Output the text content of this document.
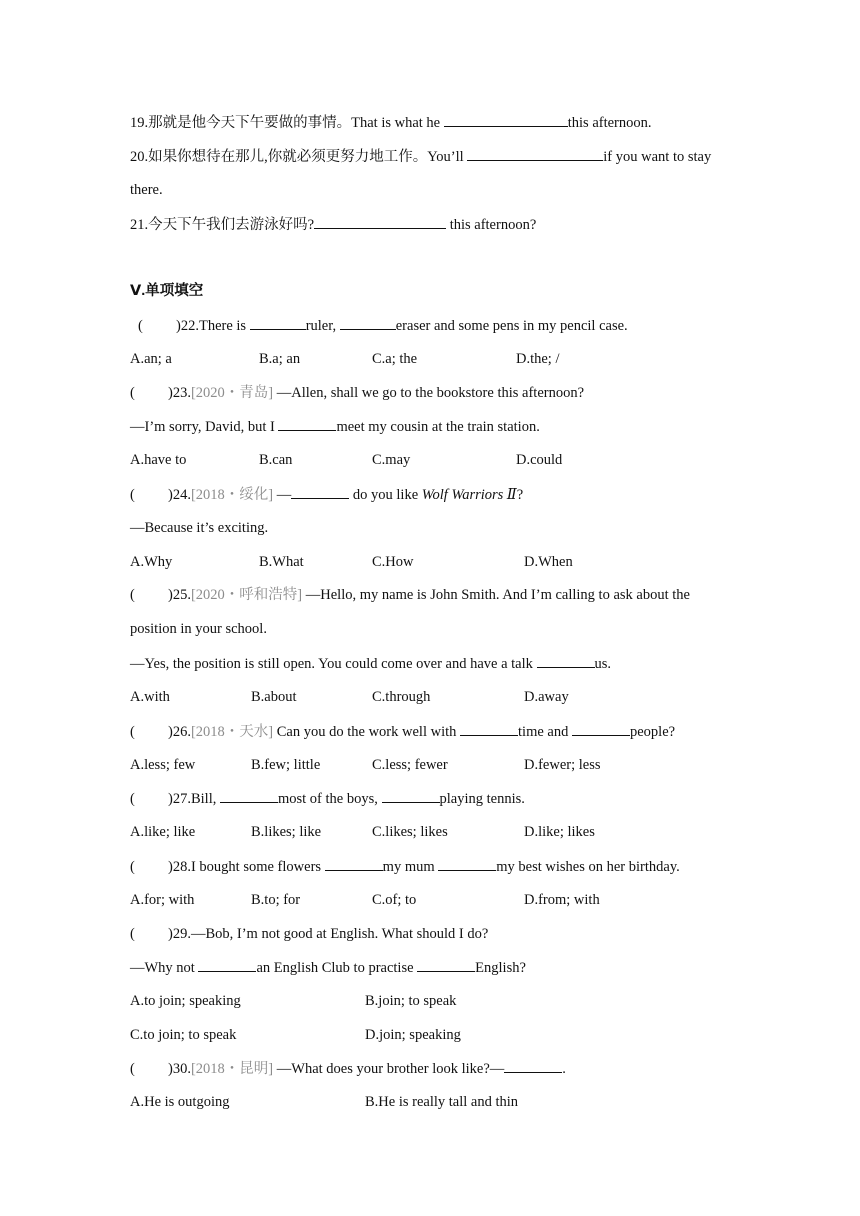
19.那就是他今天下午要做的事情。That is what he	this afternoon.
20.如果你想待在那儿,你就必须更努力地工作。You’ll	if you want to stay
there.
21.今天下午我们去游泳好吗?	this afternoon?
Ⅴ.单项填空
( )22.There is	ruler,	eraser and some pens in my pencil case.
A.an; a	B.a; an	C.a; the	D.the; /
( )23.[2020・青岛] —Allen, shall we go to the bookstore this afternoon?
—I’m sorry, David, but I	meet my cousin at the train station.
A.have to	B.can	C.may	D.could
( )24.[2018・绥化] —	do you like Wolf Warriors Ⅱ?
—Because it’s exciting.
A.Why	B.What	C.How	D.When
( )25.[2020・呼和浩特] —Hello, my name is John Smith. And I’m calling to ask about the
position in your school.
—Yes, the position is still open. You could come over and have a talk	us.
A.with	B.about	C.through	D.away
( )26.[2018・天水] Can you do the work well with	time and	people?
A.less; few	B.few; little	C.less; fewer	D.fewer; less
( )27.Bill,	most of the boys,	playing tennis.
A.like; like	B.likes; like	C.likes; likes	D.like; likes
( )28.I bought some flowers	my mum	my best wishes on her birthday.
A.for; with	B.to; for	C.of; to	D.from; with
( )29.—Bob, I’m not good at English. What should I do?
—Why not	an English Club to practise	English?
A.to join; speaking	B.join; to speak
C.to join; to speak	D.join; speaking
( )30.[2018・昆明] —What does your brother look like?—	.
A.He is outgoing	B.He is really tall and thin
